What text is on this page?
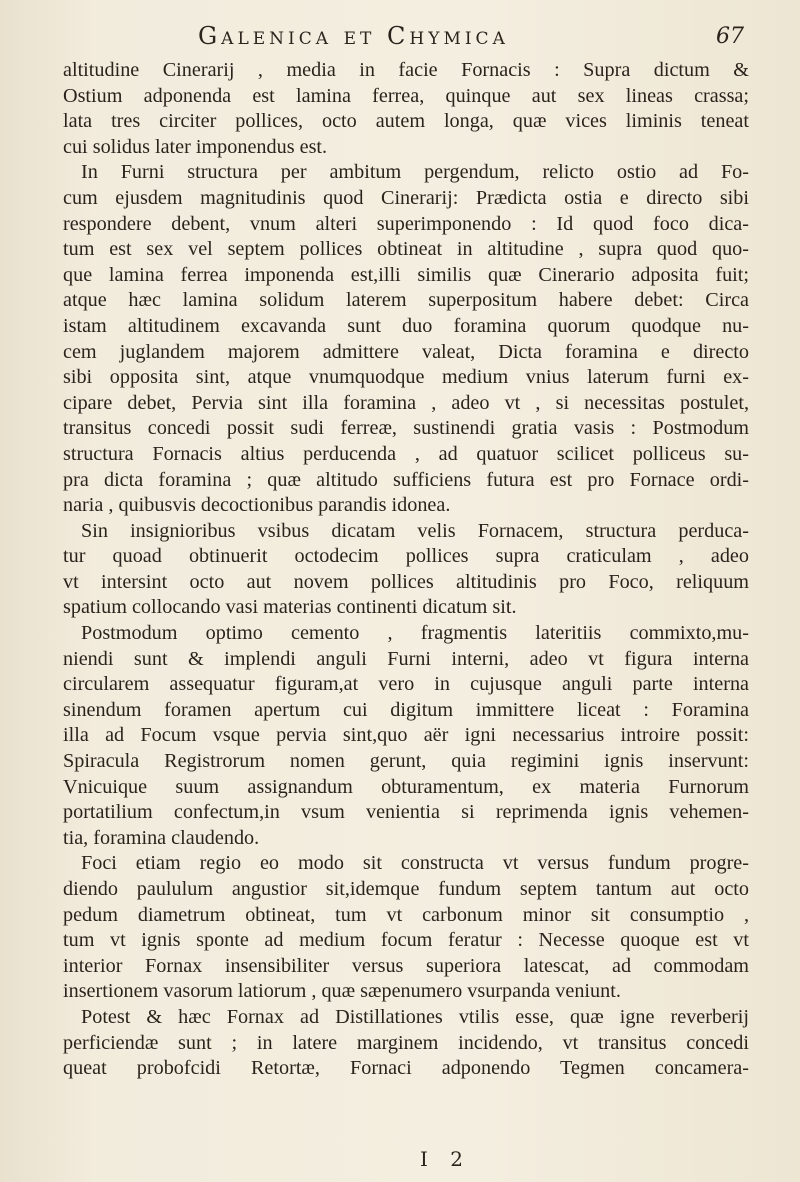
Galenica et Chymica	67
altitudine Cinerarij , media in facie Fornacis : Supra dictum &
Ostium adponenda est lamina ferrea, quinque aut sex lineas crassa;
lata tres circiter pollices, octo autem longa, quæ vices liminis teneat
cui solidus later imponendus est.
In Furni structura per ambitum pergendum, relicto ostio ad Fo-
cum ejusdem magnitudinis quod Cinerarij: Prædicta ostia e directo sibi
respondere debent, vnum alteri superimponendo : Id quod foco dica-
tum est sex vel septem pollices obtineat in altitudine , supra quod quo-
que lamina ferrea imponenda est,illi similis quæ Cinerario adposita fuit;
atque hæc lamina solidum laterem superpositum habere debet: Circa
istam altitudinem excavanda sunt duo foramina quorum quodque nu-
cem juglandem majorem admittere valeat, Dicta foramina e directo
sibi opposita sint, atque vnumquodque medium vnius laterum furni ex-
cipare debet, Pervia sint illa foramina , adeo vt , si necessitas postulet,
transitus concedi possit sudi ferreæ, sustinendi gratia vasis : Postmodum
structura Fornacis altius perducenda , ad quatuor scilicet polliceus su-
pra dicta foramina ; quæ altitudo sufficiens futura est pro Fornace ordi-
naria , quibusvis decoctionibus parandis idonea.
Sin insignioribus vsibus dicatam velis Fornacem, structura perduca-
tur quoad obtinuerit octodecim pollices supra craticulam , adeo
vt intersint octo aut novem pollices altitudinis pro Foco, reliquum
spatium collocando vasi materias continenti dicatum sit.
Postmodum optimo cemento , fragmentis lateritiis commixto,mu-
niendi sunt & implendi anguli Furni interni, adeo vt figura interna
circularem assequatur figuram,at vero in cujusque anguli parte interna
sinendum foramen apertum cui digitum immittere liceat : Foramina
illa ad Focum vsque pervia sint,quo aër igni necessarius introire possit:
Spiracula Registrorum nomen gerunt, quia regimini ignis inservunt:
Vnicuique suum assignandum obturamentum, ex materia Furnorum
portatilium confectum,in vsum venientia si reprimenda ignis vehemen-
tia, foramina claudendo.
Foci etiam regio eo modo sit constructa vt versus fundum progre-
diendo paululum angustior sit,idemque fundum septem tantum aut octo
pedum diametrum obtineat, tum vt carbonum minor sit consumptio ,
tum vt ignis sponte ad medium focum feratur : Necesse quoque est vt
interior Fornax insensibiliter versus superiora latescat, ad commodam
insertionem vasorum latiorum , quæ sæpenumero vsurpanda veniunt.
Potest & hæc Fornax ad Distillationes vtilis esse, quæ igne reverberij
perficiendæ sunt ; in latere marginem incidendo, vt transitus concedi
queat probofcidi Retortæ, Fornaci adponendo Tegmen concamera-
I 2
